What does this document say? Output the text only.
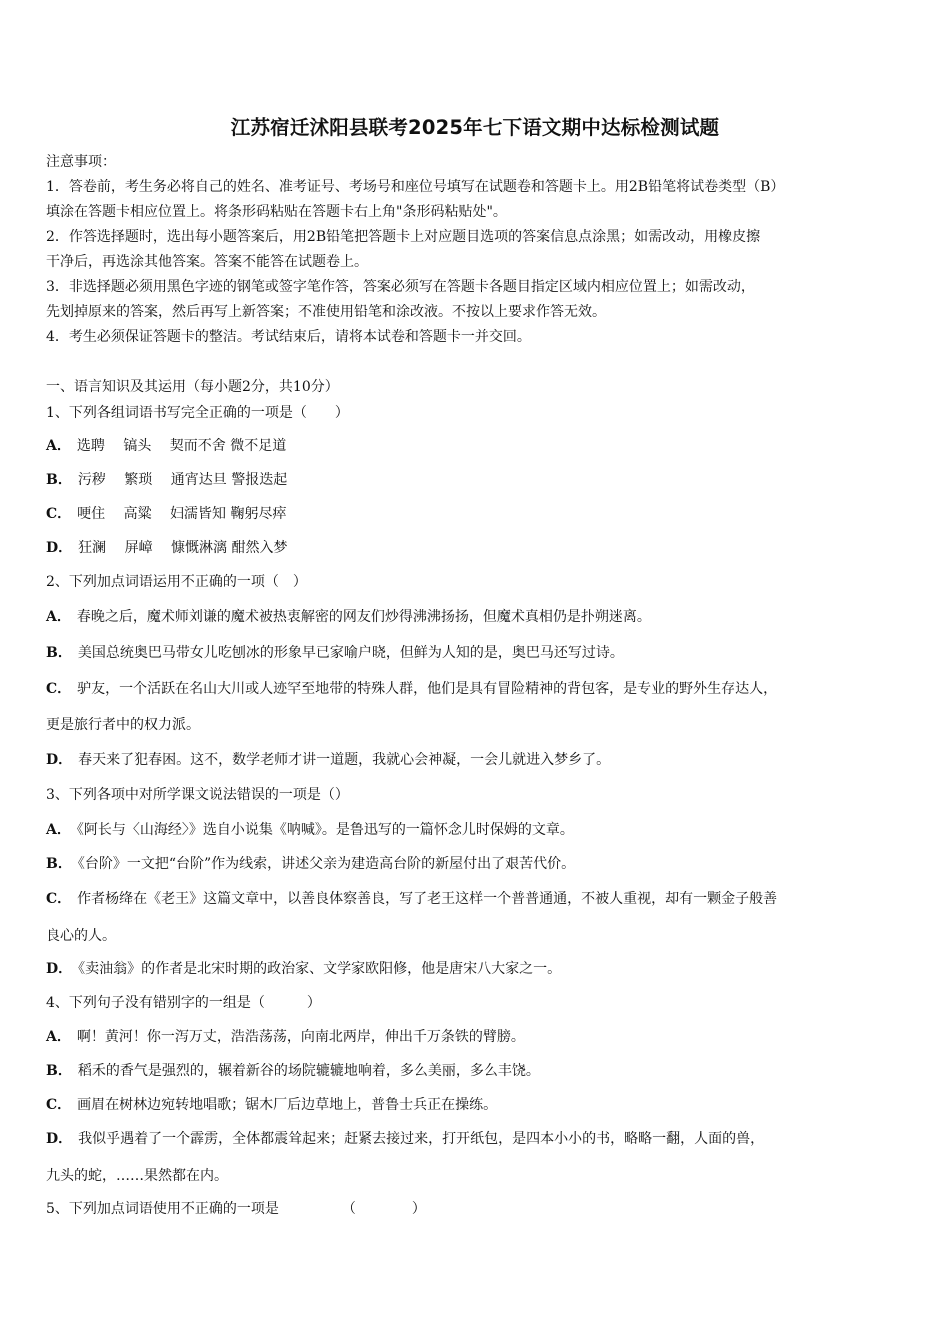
江苏宿迁沭阳县联考2025年七下语文期中达标检测试题

注意事项：

1．答卷前，考生务必将自己的姓名、准考证号、考场号和座位号填写在试题卷和答题卡上。用2B铅笔将试卷类型（B）

填涂在答题卡相应位置上。将条形码粘贴在答题卡右上角"条形码粘贴处"。

2．作答选择题时，选出每小题答案后，用2B铅笔把答题卡上对应题目选项的答案信息点涂黑；如需改动，用橡皮擦

干净后，再选涂其他答案。答案不能答在试题卷上。

3．非选择题必须用黑色字迹的钢笔或签字笔作答，答案必须写在答题卡各题目指定区域内相应位置上；如需改动，

先划掉原来的答案，然后再写上新答案；不准使用铅笔和涂改液。不按以上要求作答无效。

4．考生必须保证答题卡的整洁。考试结束后，请将本试卷和答题卡一并交回。

一、语言知识及其运用（每小题2分，共10分）

1、下列各组词语书写完全正确的一项是（　　）

A． 选聘　 镐头　 契而不舍 微不足道

B． 污秽　 繁琐　 通宵达旦 警报迭起

C． 哽住　 高粱　 妇濡皆知 鞠躬尽瘁

D． 狂澜　 屏嶂　 慷慨淋漓 酣然入梦

2、下列加点词语运用不正确的一项（　）

A． 春晚之后，魔术师刘谦的魔术被热衷解密的网友们炒得沸沸扬扬，但魔术真相仍是扑朔迷离。

B． 美国总统奥巴马带女儿吃刨冰的形象早已家喻户晓，但鲜为人知的是，奥巴马还写过诗。

C． 驴友，一个活跃在名山大川或人迹罕至地带的特殊人群，他们是具有冒险精神的背包客，是专业的野外生存达人，

更是旅行者中的权力派。

D． 春天来了犯春困。这不，数学老师才讲一道题，我就心会神凝，一会儿就进入梦乡了。

3、下列各项中对所学课文说法错误的一项是（）

A． 《阿长与〈山海经〉》选自小说集《呐喊》。是鲁迅写的一篇怀念儿时保姆的文章。

B． 《台阶》一文把“台阶”作为线索，讲述父亲为建造高台阶的新屋付出了艰苦代价。

C． 作者杨绛在《老王》这篇文章中，以善良体察善良，写了老王这样一个普普通通，不被人重视，却有一颗金子般善

良心的人。

D． 《卖油翁》的作者是北宋时期的政治家、文学家欧阳修，他是唐宋八大家之一。

4、下列句子没有错别字的一组是（　　　）

A． 啊！黄河！你一泻万丈，浩浩荡荡，向南北两岸，伸出千万条铁的臂膀。

B． 稻禾的香气是强烈的，辗着新谷的场院辘辘地响着，多么美丽，多么丰饶。

C． 画眉在树林边宛转地唱歌；锯木厂后边草地上，普鲁士兵正在操练。

D． 我似乎遇着了一个霹雳，全体都震耸起来；赶紧去接过来，打开纸包，是四本小小的书，略略一翻，人面的兽，

九头的蛇，……果然都在内。

5、下列加点词语使用不正确的一项是　　　　　（　　　　）
